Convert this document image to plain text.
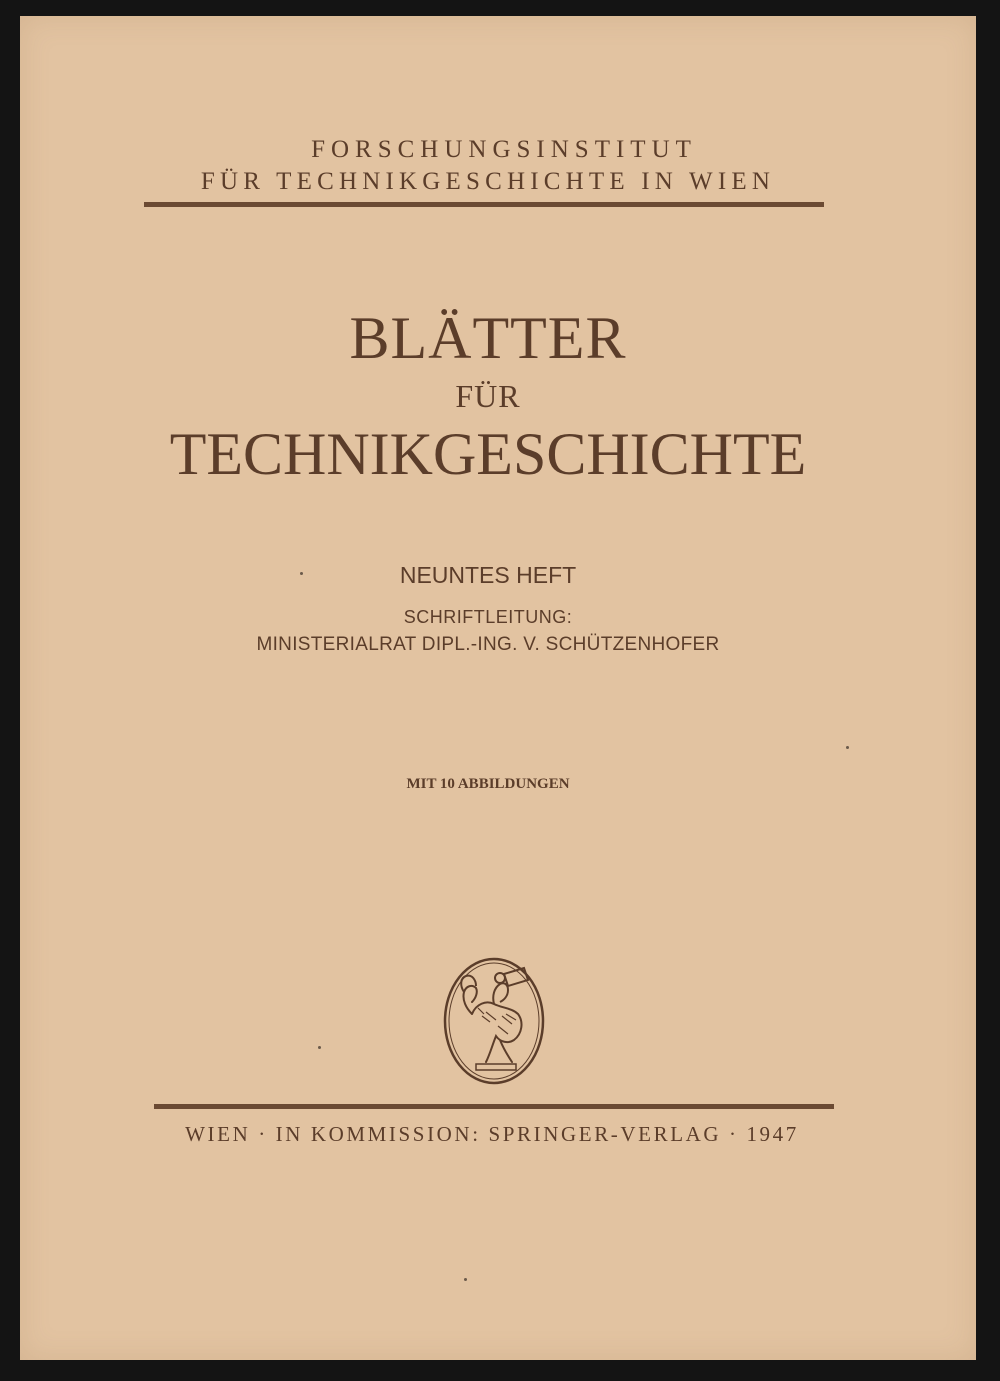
FORSCHUNGSINSTITUT
FÜR TECHNIKGESCHICHTE IN WIEN
BLÄTTER
FÜR
TECHNIKGESCHICHTE
NEUNTES HEFT
SCHRIFTLEITUNG:
MINISTERIALRAT DIPL.-ING. V. SCHÜTZENHOFER
MIT 10 ABBILDUNGEN
WIEN · IN KOMMISSION: SPRINGER-VERLAG · 1947
